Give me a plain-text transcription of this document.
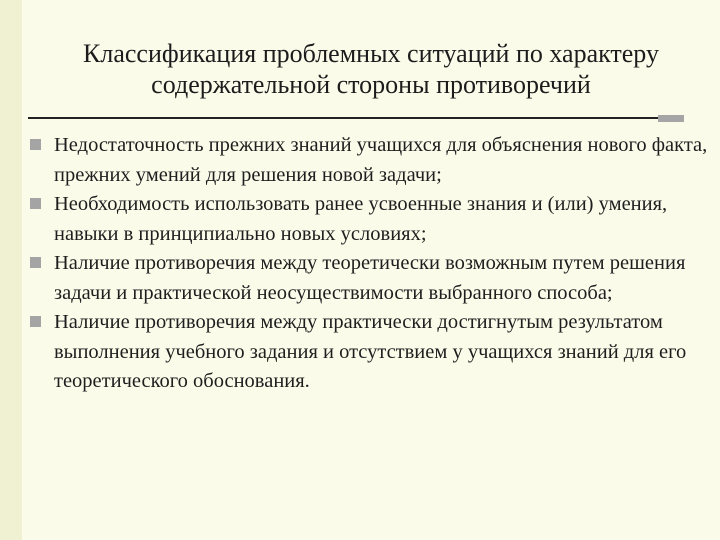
Классификация проблемных ситуаций по характеру
содержательной стороны противоречий
Недостаточность прежних знаний учащихся для объяснения нового факта, прежних умений для решения новой задачи;
Необходимость использовать ранее усвоенные знания и (или) умения, навыки в принципиально новых условиях;
Наличие противоречия между теоретически возможным путем решения задачи и практической неосуществимости выбранного способа;
Наличие противоречия между практически достигнутым результатом выполнения учебного задания и отсутствием у учащихся знаний для его теоретического обоснования.
